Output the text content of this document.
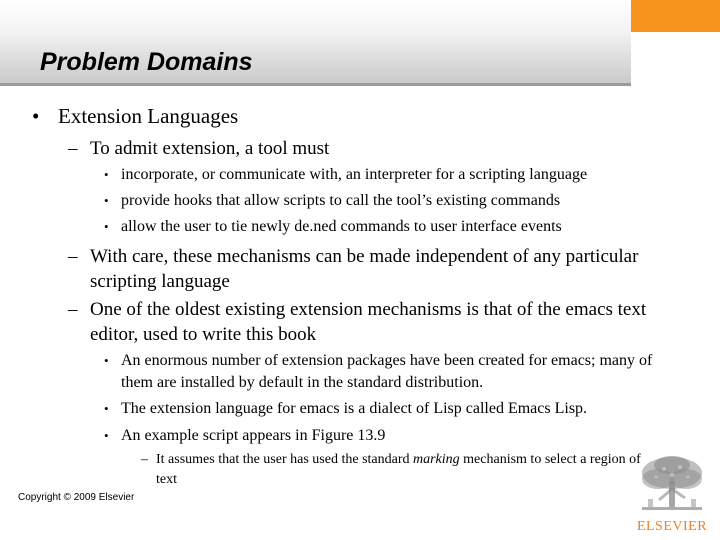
Problem Domains
• Extension Languages
– To admit extension, a tool must
• incorporate, or communicate with, an interpreter for a scripting language
• provide hooks that allow scripts to call the tool’s existing commands
• allow the user to tie newly de.ned commands to user interface events
– With care, these mechanisms can be made independent of any particular scripting language
– One of the oldest existing extension mechanisms is that of the emacs text editor, used to write this book
• An enormous number of extension packages have been created for emacs; many of them are installed by default in the standard distribution.
• The extension language for emacs is a dialect of Lisp called Emacs Lisp.
• An example script appears in Figure 13.9
– It assumes that the user has used the standard marking mechanism to select a region of text
Copyright © 2009 Elsevier
ELSEVIER
